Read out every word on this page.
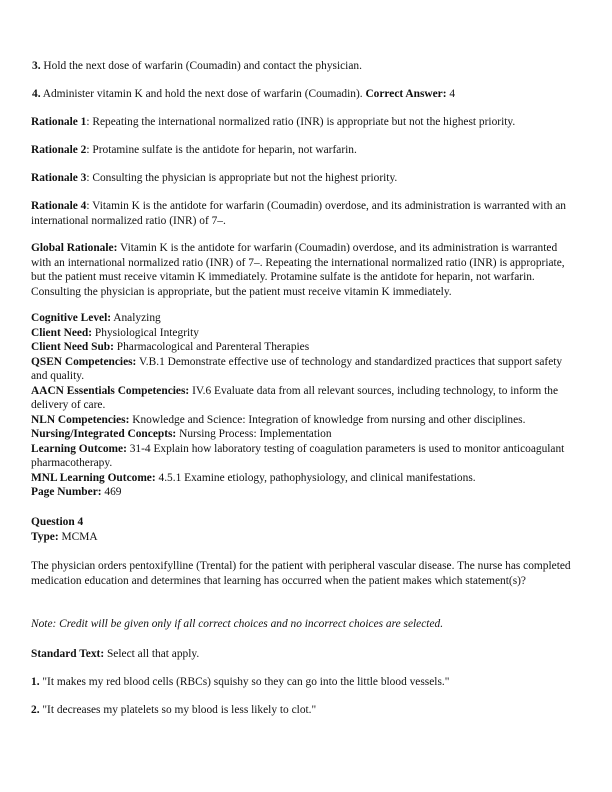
3. Hold the next dose of warfarin (Coumadin) and contact the physician.

4. Administer vitamin K and hold the next dose of warfarin (Coumadin). Correct Answer: 4

Rationale 1: Repeating the international normalized ratio (INR) is appropriate but not the highest priority.

Rationale 2: Protamine sulfate is the antidote for heparin, not warfarin.

Rationale 3: Consulting the physician is appropriate but not the highest priority.

Rationale 4: Vitamin K is the antidote for warfarin (Coumadin) overdose, and its administration is warranted with an international normalized ratio (INR) of 7–.

Global Rationale: Vitamin K is the antidote for warfarin (Coumadin) overdose, and its administration is warranted with an international normalized ratio (INR) of 7–. Repeating the international normalized ratio (INR) is appropriate, but the patient must receive vitamin K immediately. Protamine sulfate is the antidote for heparin, not warfarin. Consulting the physician is appropriate, but the patient must receive vitamin K immediately.

Cognitive Level: Analyzing
Client Need: Physiological Integrity
Client Need Sub: Pharmacological and Parenteral Therapies
QSEN Competencies: V.B.1 Demonstrate effective use of technology and standardized practices that support safety and quality.
AACN Essentials Competencies: IV.6 Evaluate data from all relevant sources, including technology, to inform the delivery of care.
NLN Competencies: Knowledge and Science: Integration of knowledge from nursing and other disciplines.
Nursing/Integrated Concepts: Nursing Process: Implementation
Learning Outcome: 31-4 Explain how laboratory testing of coagulation parameters is used to monitor anticoagulant pharmacotherapy.
MNL Learning Outcome: 4.5.1 Examine etiology, pathophysiology, and clinical manifestations.
Page Number: 469
Question 4
Type: MCMA

The physician orders pentoxifylline (Trental) for the patient with peripheral vascular disease. The nurse has completed medication education and determines that learning has occurred when the patient makes which statement(s)?

Note: Credit will be given only if all correct choices and no incorrect choices are selected.

Standard Text: Select all that apply.

1. "It makes my red blood cells (RBCs) squishy so they can go into the little blood vessels."

2. "It decreases my platelets so my blood is less likely to clot."
